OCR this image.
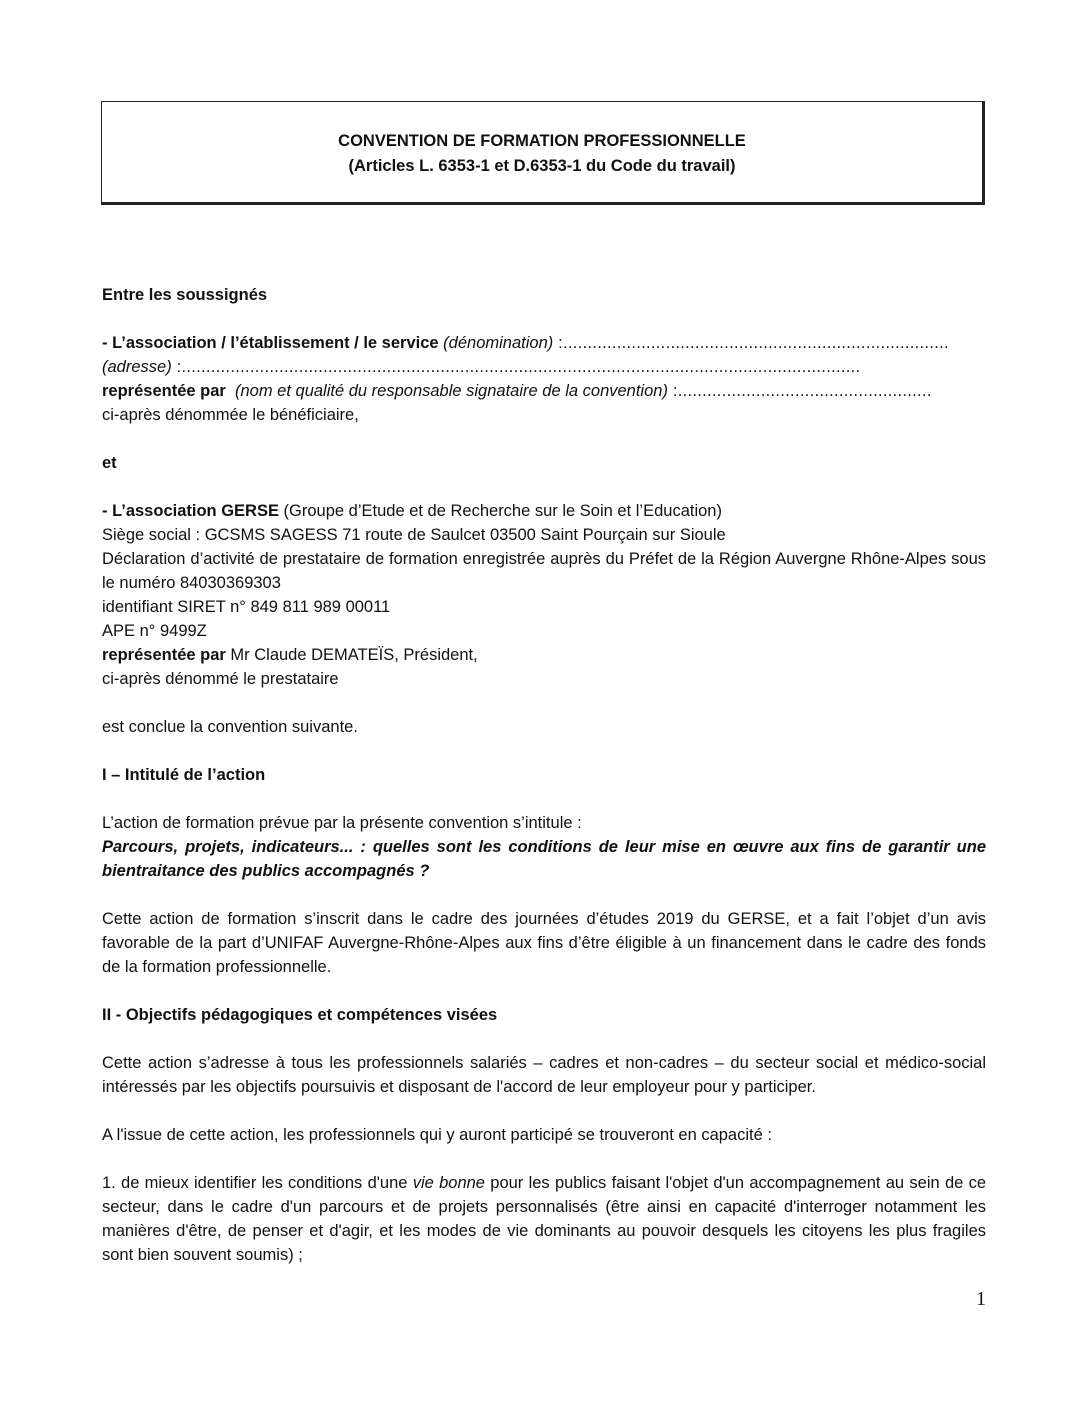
CONVENTION DE FORMATION PROFESSIONNELLE
(Articles L. 6353-1 et D.6353-1 du Code du travail)

Entre les soussignés

- L’association / l’établissement / le service (dénomination) :...............................................................................

(adresse) :...........................................................................................................................................

représentée par (nom et qualité du responsable signataire de la convention) :....................................................

ci-après dénommée le bénéficiaire,

et

- L’association GERSE (Groupe d’Etude et de Recherche sur le Soin et l’Education)

Siège social : GCSMS SAGESS 71 route de Saulcet 03500 Saint Pourçain sur Sioule

Déclaration d’activité de prestataire de formation enregistrée auprès du Préfet de la Région Auvergne Rhône-Alpes sous le numéro 84030369303

identifiant SIRET n° 849 811 989 00011

APE n° 9499Z

représentée par Mr Claude DEMATEÏS, Président,

ci-après dénommé le prestataire

est conclue la convention suivante.

I – Intitulé de l’action

L’action de formation prévue par la présente convention s’intitule :

Parcours, projets, indicateurs... : quelles sont les conditions de leur mise en œuvre aux fins de garantir une bientraitance des publics accompagnés ?

Cette action de formation s’inscrit dans le cadre des journées d’études 2019 du GERSE, et a fait l’objet d’un avis favorable de la part d’UNIFAF Auvergne-Rhône-Alpes aux fins d’être éligible à un financement dans le cadre des fonds de la formation professionnelle.

II - Objectifs pédagogiques et compétences visées

Cette action s’adresse à tous les professionnels salariés – cadres et non-cadres – du secteur social et médico-social intéressés par les objectifs poursuivis et disposant de l'accord de leur employeur pour y participer.

A l'issue de cette action, les professionnels qui y auront participé se trouveront en capacité :

1. de mieux identifier les conditions d'une vie bonne pour les publics faisant l'objet d'un accompagnement au sein de ce secteur, dans le cadre d'un parcours et de projets personnalisés (être ainsi en capacité d'interroger notamment les manières d'être, de penser et d'agir, et les modes de vie dominants au pouvoir desquels les citoyens les plus fragiles sont bien souvent soumis) ;

1
